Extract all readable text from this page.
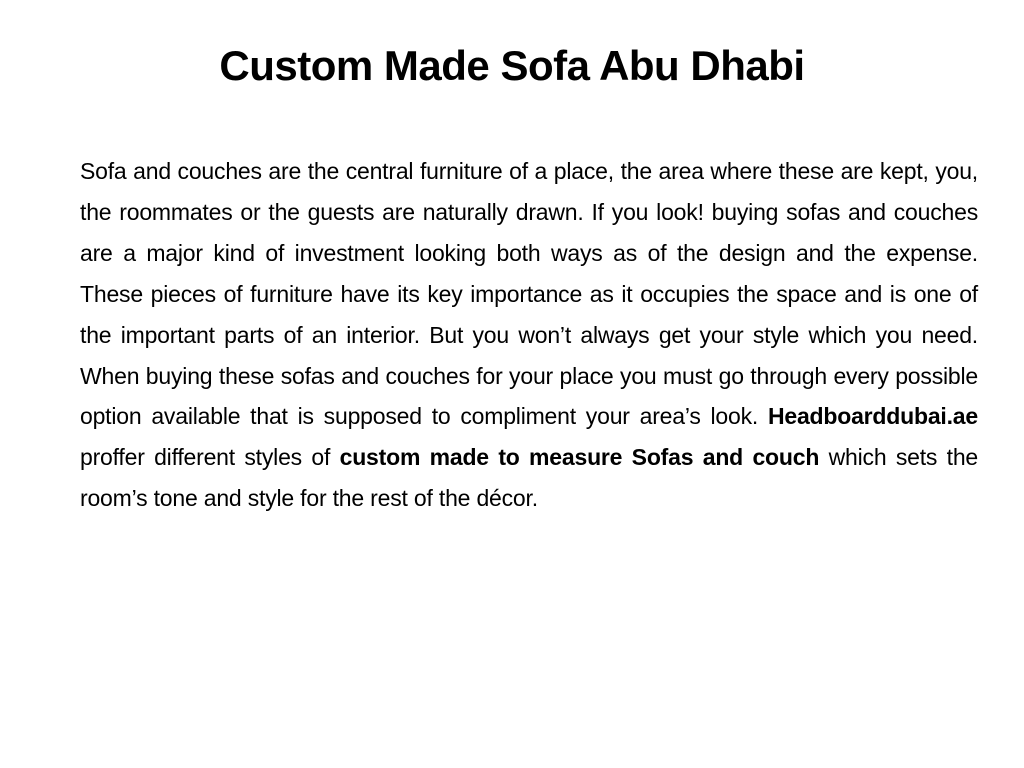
Custom Made Sofa Abu Dhabi

Sofa and couches are the central furniture of a place, the area where these are kept, you, the roommates or the guests are naturally drawn. If you look! buying sofas and couches are a major kind of investment looking both ways as of the design and the expense. These pieces of furniture have its key importance as it occupies the space and is one of the important parts of an interior. But you won’t always get your style which you need. When buying these sofas and couches for your place you must go through every possible option available that is supposed to compliment your area’s look. Headboarddubai.ae proffer different styles of custom made to measure Sofas and couch which sets the room’s tone and style for the rest of the décor.
